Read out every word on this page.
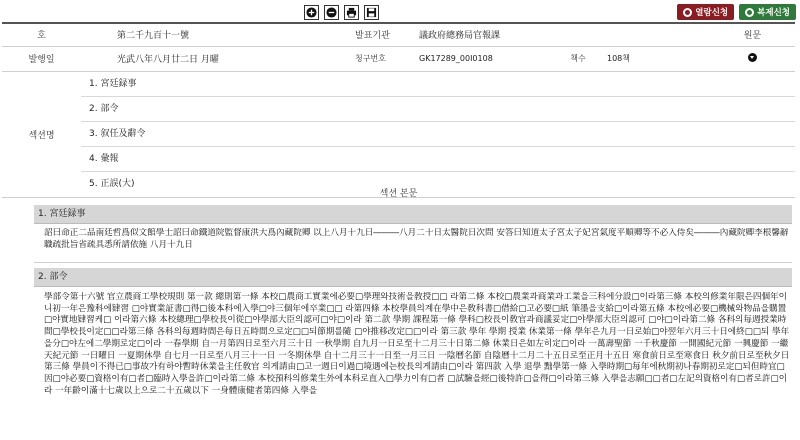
열람신청	복제신청
호	第二千九百十一號	발표기관	議政府總務局官報課			원문
발행일	光武八年八月廿二日 月曜	청구번호	GK17289_00I0108	책수	108책	
섹션명	1. 宮廷録事
2. 部令
3. 叙任及辭令
4. 彙報
5. 正誤(大)					
섹션 본문
1. 宮廷録事
詔曰命正二品南廷哲爲似文館學士詔曰命鐵道院監督康洪大爲內藏院卿 以上八月十九日―――八月二十日太醫院日次問 安答曰知道太子宮太子妃宮氣度平順卿等不必入侍矣―――內藏院卿李根馨辭職疏批旨省疏具悉所請依施 八月十九日
2. 部令
學部令第十六號 官立農商工學校規則 第一款 總則第一條 本校□農商工實業에必要□學理와技術을敎授□□ 라第二條 本校□農業과商業과工業을三科에分設□이라第三條 本校의修業年限은四個年이니初一年은豫科에肄習 □야實業証書□得□後本科에入學□야三個年에卒業□□ 라第四條 本校學員의계在學中은敎科書□借給□고必要□紙 筆墨을支給□이라第五條 本校에必要□機械와物品을購置□야實地肄習케□ 이라第六條 本校總理□學校長이從□야學部大臣의認可□야□이라 第二款 學期 課程第一條 學科□校長이敎官과商議妥定□야學部大臣의認可 □야□이라第二條 各科의每週授業時間□學校長이定□□라第三條 各科의每週時間은每日五時間으로定□□되節期를隨 □야推移改定□□이라 第三款 學年 學期 授業 休業第一條 學年은九月一日로始□야翌年六月三十日에終□□되 學年을分□야左에二學期로定□이라 一春學期 自一月第四日로至六月三十日 一秋學期 自九月一日로至十二月三十日第二條 休業日은如左히定□이라 一萬壽聖節 一千秋慶節 一開國紀元節 一興慶節 一繼天紀元節 一日曜日 一夏期休學 自七月一日로至八月三十一日 一冬期休學 自十二月三十一日至一月三日 一陰曆名節 自陰曆十二月二十五日로至正月十五日 寒食前日로至寒食日 秋夕前日로至秋夕日第三條 學員이不得已□事故가有하야暫時休業을主任敎官 의게請由□고一週日이過□境遇에는校長의게請由□이라 第四款 入學 退學 黜學第一條 入學時期□每年에秋期初나春期初로定□되但時宜□因□야必要□資格이有□者□臨時入學을許□이라第二條 本校預科의修業生外에本科로直入□學力이有□者 □試驗을經□後特許□을得□이라第三條 入學을志願□□者□左記의資格이有□者로許□이 라 一年齡이滿十七歲以上으로二十五歲以下 一身體康健者第四條 入學을
